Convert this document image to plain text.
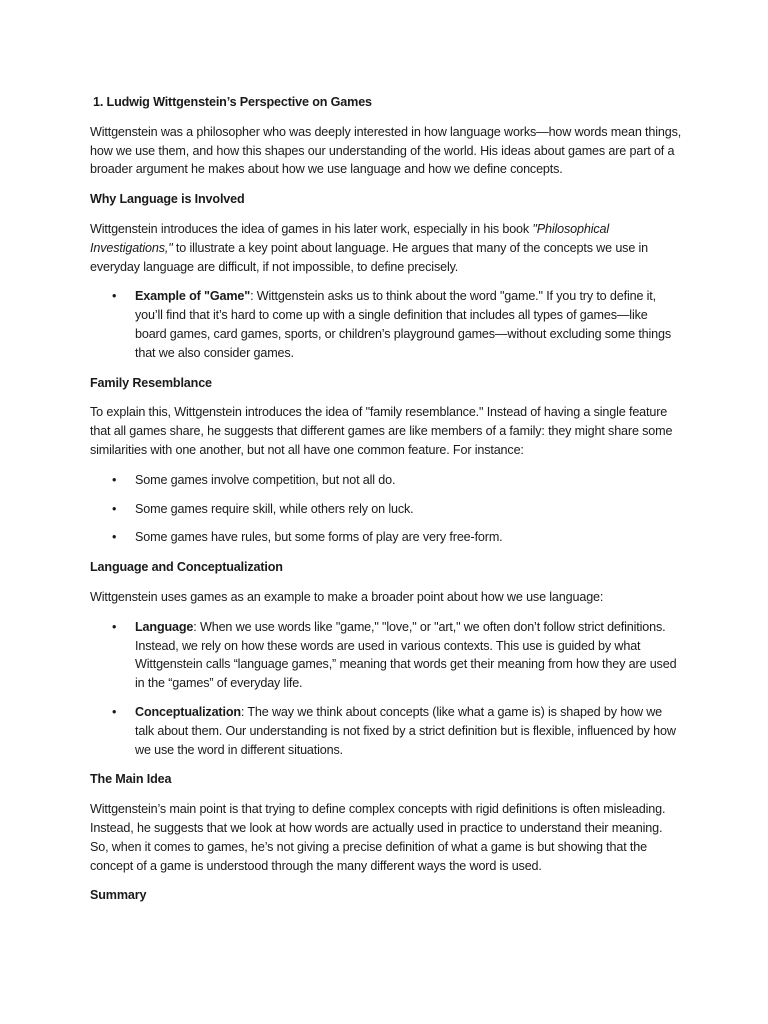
1. Ludwig Wittgenstein’s Perspective on Games

Wittgenstein was a philosopher who was deeply interested in how language works—how words mean things, how we use them, and how this shapes our understanding of the world. His ideas about games are part of a broader argument he makes about how we use language and how we define concepts.

Why Language is Involved

Wittgenstein introduces the idea of games in his later work, especially in his book "Philosophical Investigations," to illustrate a key point about language. He argues that many of the concepts we use in everyday language are difficult, if not impossible, to define precisely.

• Example of "Game": Wittgenstein asks us to think about the word "game." If you try to define it, you’ll find that it’s hard to come up with a single definition that includes all types of games—like board games, card games, sports, or children’s playground games—without excluding some things that we also consider games.
Family Resemblance

To explain this, Wittgenstein introduces the idea of "family resemblance." Instead of having a single feature that all games share, he suggests that different games are like members of a family: they might share some similarities with one another, but not all have one common feature. For instance:

• Some games involve competition, but not all do.
• Some games require skill, while others rely on luck.
• Some games have rules, but some forms of play are very free-form.
Language and Conceptualization

Wittgenstein uses games as an example to make a broader point about how we use language:

• Language: When we use words like "game," "love," or "art," we often don’t follow strict definitions. Instead, we rely on how these words are used in various contexts. This use is guided by what Wittgenstein calls “language games,” meaning that words get their meaning from how they are used in the “games” of everyday life.
• Conceptualization: The way we think about concepts (like what a game is) is shaped by how we talk about them. Our understanding is not fixed by a strict definition but is flexible, influenced by how we use the word in different situations.
The Main Idea

Wittgenstein’s main point is that trying to define complex concepts with rigid definitions is often misleading. Instead, he suggests that we look at how words are actually used in practice to understand their meaning. So, when it comes to games, he’s not giving a precise definition of what a game is but showing that the concept of a game is understood through the many different ways the word is used.

Summary
